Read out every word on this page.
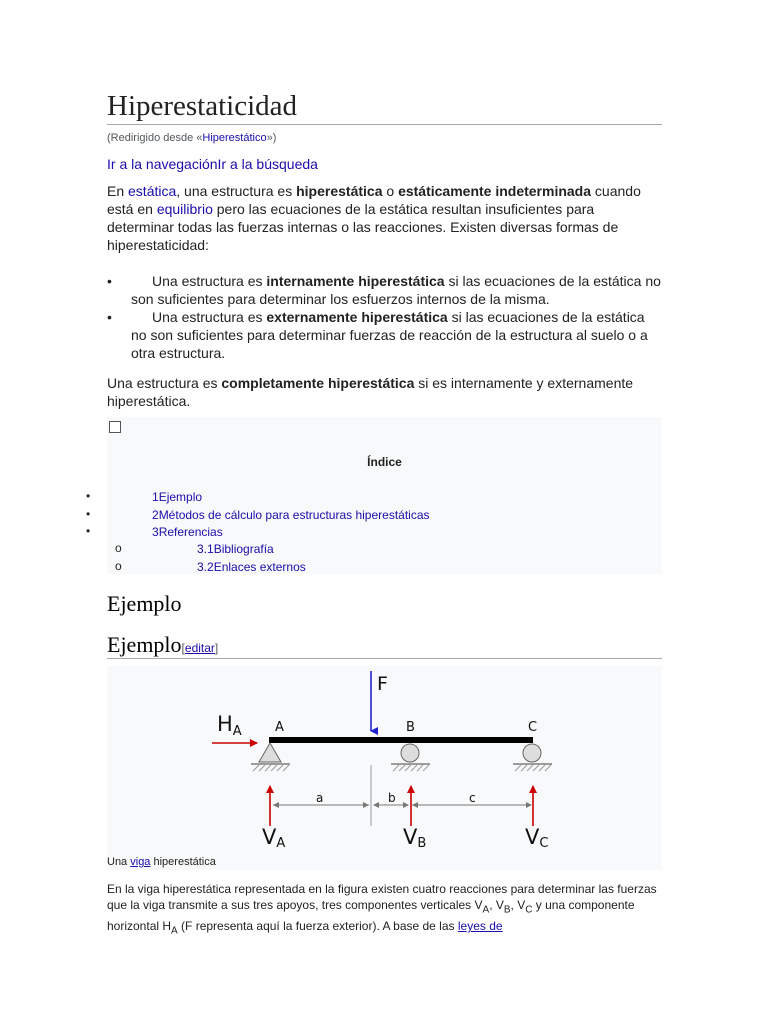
Hiperestaticidad
(Redirigido desde «Hiperestático»)
Ir a la navegaciónIr a la búsqueda

En estática, una estructura es hiperestática o estáticamente indeterminada cuando está en equilibrio pero las ecuaciones de la estática resultan insuficientes para determinar todas las fuerzas internas o las reacciones. Existen diversas formas de hiperestaticidad:

•	Una estructura es internamente hiperestática si las ecuaciones de la estática no son suficientes para determinar los esfuerzos internos de la misma.
•	Una estructura es externamente hiperestática si las ecuaciones de la estática no son suficientes para determinar fuerzas de reacción de la estructura al suelo o a otra estructura.

Una estructura es completamente hiperestática si es internamente y externamente hiperestática.

Índice
•	1Ejemplo
•	2Métodos de cálculo para estructuras hiperestáticas
•	3Referencias
o	3.1Bibliografía
o	3.2Enlaces externos
Ejemplo
Ejemplo[editar]
F
HA	A	B	C
a	b	c
VA	VB	VC
Una viga hiperestática

En la viga hiperestática representada en la figura existen cuatro reacciones para determinar las fuerzas que la viga transmite a sus tres apoyos, tres componentes verticales $V_A$, $V_B$, $V_C$ y una componente horizontal $H_A$ (F representa aquí la fuerza exterior). A base de las leyes de
